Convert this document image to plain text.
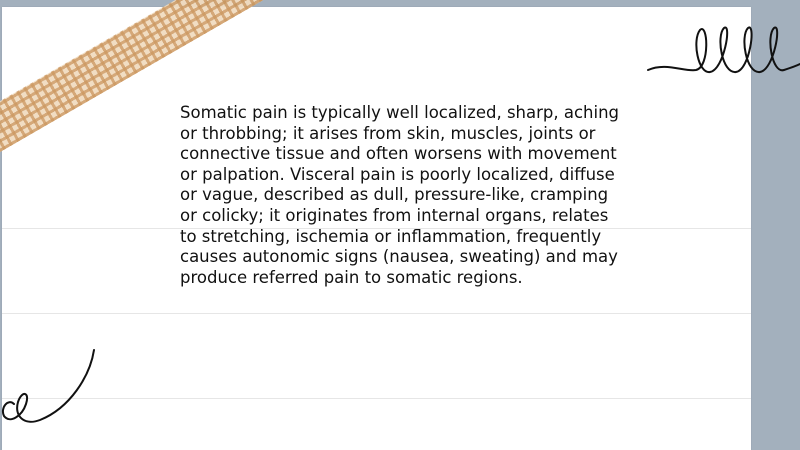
Somatic pain is typically well localized, sharp, aching or throbbing; it arises from skin, muscles, joints or connective tissue and often worsens with movement or palpation. Visceral pain is poorly localized, diffuse or vague, described as dull, pressure-like, cramping or colicky; it originates from internal organs, relates to stretching, ischemia or inflammation, frequently causes autonomic signs (nausea, sweating) and may produce referred pain to somatic regions.
